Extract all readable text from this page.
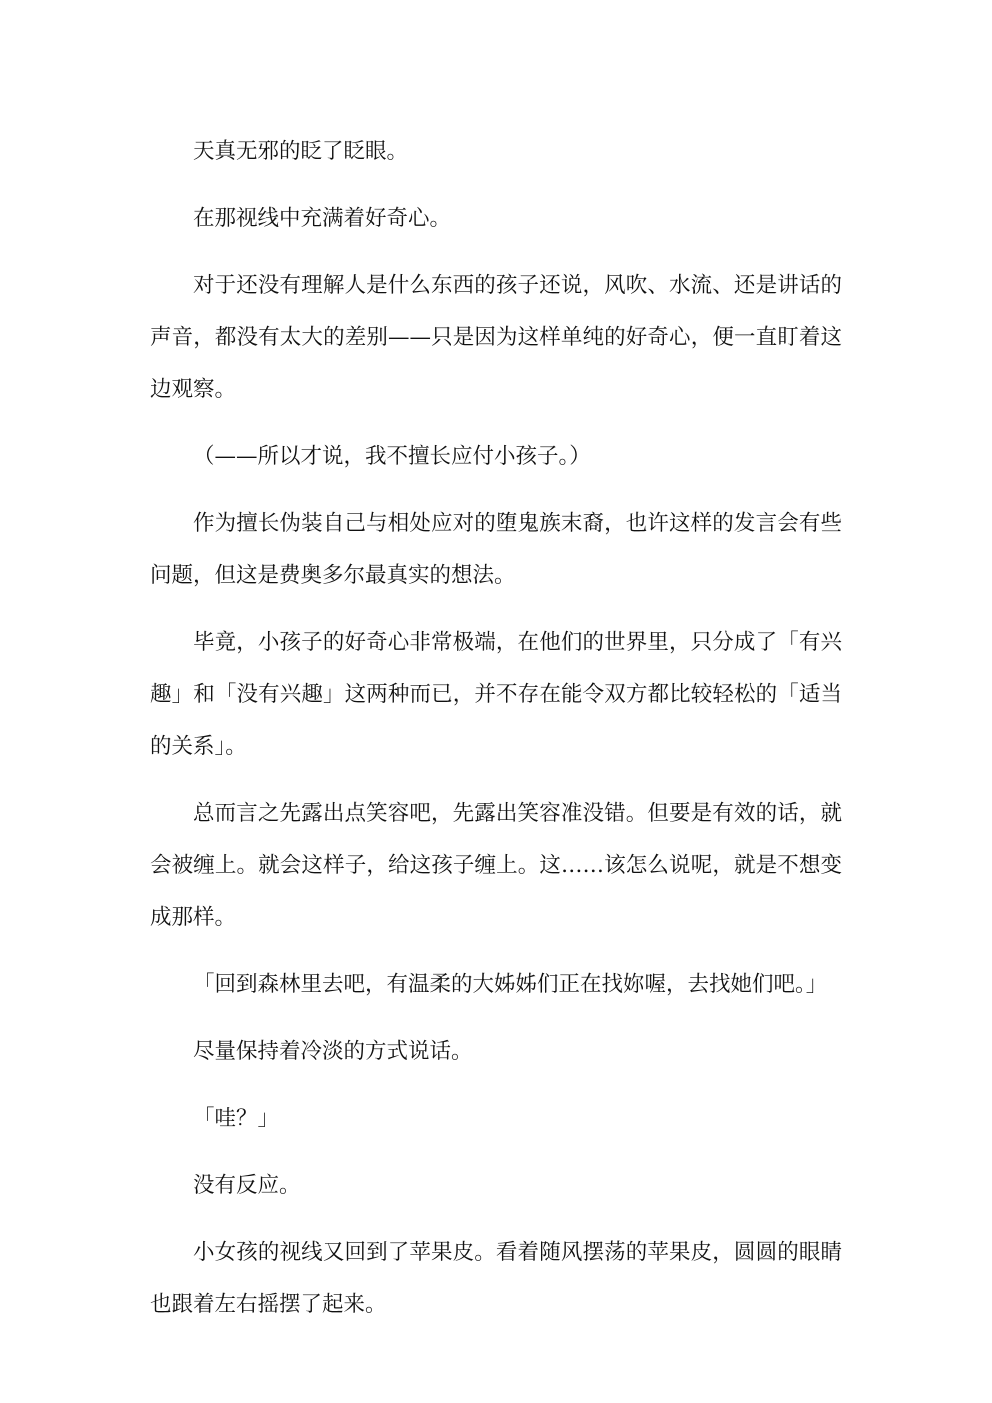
天真无邪的眨了眨眼。

在那视线中充满着好奇心。

对于还没有理解人是什么东西的孩子还说，风吹、水流、还是讲话的声音，都没有太大的差别——只是因为这样单纯的好奇心，便一直盯着这边观察。

（——所以才说，我不擅长应付小孩子。）

作为擅长伪装自己与相处应对的堕鬼族末裔，也许这样的发言会有些问题，但这是费奥多尔最真实的想法。

毕竟，小孩子的好奇心非常极端，在他们的世界里，只分成了「有兴趣」和「没有兴趣」这两种而已，并不存在能令双方都比较轻松的「适当的关系」。

总而言之先露出点笑容吧，先露出笑容准没错。但要是有效的话，就会被缠上。就会这样子，给这孩子缠上。这……该怎么说呢，就是不想变成那样。

「回到森林里去吧，有温柔的大姊姊们正在找妳喔，去找她们吧。」

尽量保持着冷淡的方式说话。

「哇？」

没有反应。

小女孩的视线又回到了苹果皮。看着随风摆荡的苹果皮，圆圆的眼睛也跟着左右摇摆了起来。
